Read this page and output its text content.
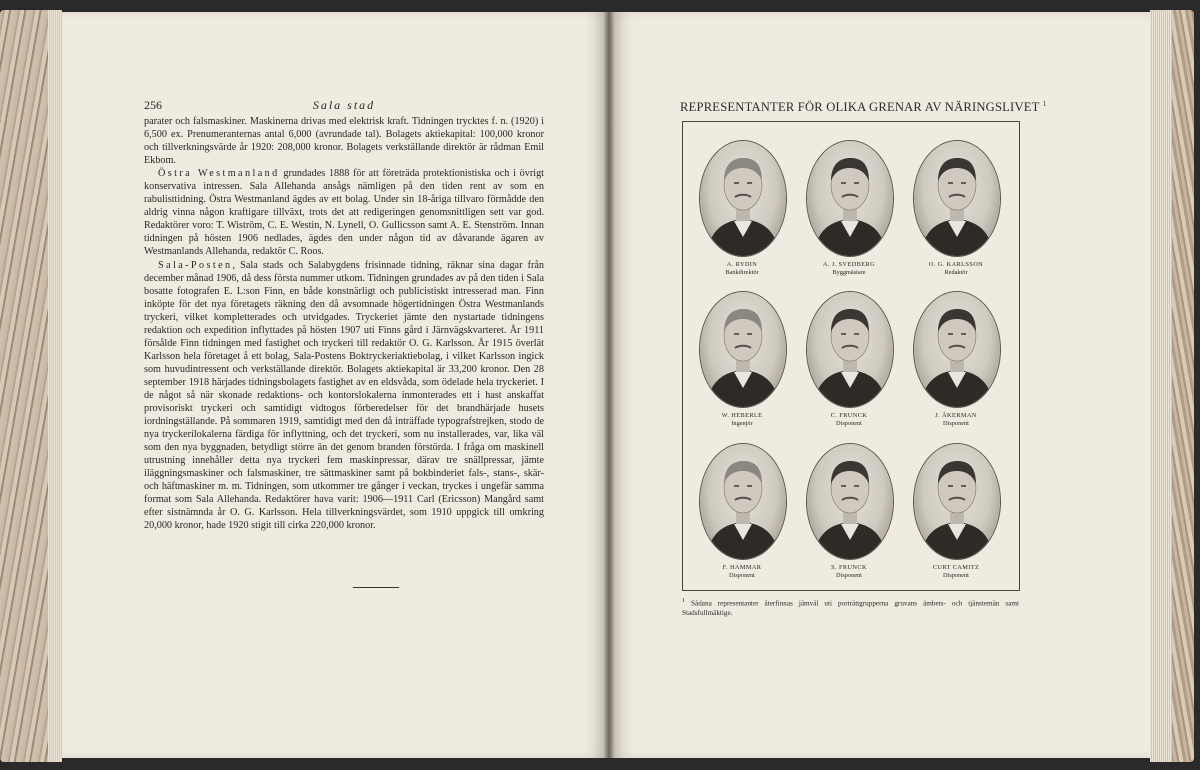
256	Sala stad

parater och falsmaskiner. Maskinerna drivas med elektrisk kraft. Tidningen trycktes f. n. (1920) i 6,500 ex. Prenumeranternas antal 6,000 (avrundade tal). Bolagets aktiekapital: 100,000 kronor och tillverkningsvärde år 1920: 208,000 kronor. Bolagets verkställande direktör är rådman Emil Ekbom.

Östra Westmanland grundades 1888 för att företräda protektionistiska och i övrigt konservativa intressen. Sala Allehanda ansågs nämligen på den tiden rent av som en rabulisttidning. Östra Westmanland ägdes av ett bolag. Under sin 18-åriga tillvaro förmådde den aldrig vinna någon kraftigare tillväxt, trots det att redigeringen genomsnittligen sett var god. Redaktörer voro: T. Wiström, C. E. Westin, N. Lynell, O. Gullicsson samt A. E. Stenström. Innan tidningen på hösten 1906 nedlades, ägdes den under någon tid av dåvarande ägaren av Westmanlands Allehanda, redaktör C. Roos.

Sala-Posten, Sala stads och Salabygdens frisinnade tidning, räknar sina dagar från december månad 1906, då dess första nummer utkom. Tidningen grundades av på den tiden i Sala bosatte fotografen E. L:son Finn, en både konstnärligt och publicistiskt intresserad man. Finn inköpte för det nya företagets räkning den då avsomnade högertidningen Östra Westmanlands tryckeri, vilket kompletterades och utvidgades. Tryckeriet jämte den nystartade tidningens redaktion och expedition inflyttades på hösten 1907 uti Finns gård i Järnvägskvarteret. År 1911 försålde Finn tidningen med fastighet och tryckeri till redaktör O. G. Karlsson. År 1915 överlät Karlsson hela företaget å ett bolag, Sala-Postens Boktryckeriaktiebolag, i vilket Karlsson ingick som huvudintressent och verkställande direktör. Bolagets aktiekapital är 33,200 kronor. Den 28 september 1918 härjades tidningsbolagets fastighet av en eldsvåda, som ödelade hela tryckeriet. I de något så när skonade redaktions- och kontorslokalerna inmonterades ett i hast anskaffat provisoriskt tryckeri och samtidigt vidtogos förberedelser för det brandhärjade husets iordningställande. På sommaren 1919, samtidigt med den då inträffade typografstrejken, stodo de nya tryckerilokalerna färdiga för inflyttning, och det tryckeri, som nu installerades, var, lika väl som den nya byggnaden, betydligt större än det genom branden förstörda. I fråga om maskinell utrustning innehåller detta nya tryckeri fem maskinpressar, därav tre snällpressar, jämte iläggningsmaskiner och falsmaskiner, tre sättmaskiner samt på bokbinderiet fals-, stans-, skär- och häftmaskiner m. m. Tidningen, som utkommer tre gånger i veckan, tryckes i ungefär samma format som Sala Allehanda. Redaktörer hava varit: 1906—1911 Carl (Ericsson) Mangård samt efter sistnämnda år O. G. Karlsson. Hela tillverkningsvärdet, som 1910 uppgick till omkring 20,000 kronor, hade 1920 stigit till cirka 220,000 kronor.

REPRESENTANTER FÖR OLIKA GRENAR AV NÄRINGSLIVET $^1$
A. RYDIN
Bankdirektör
A. J. SVEDBERG
Byggmästare
O. G. KARLSSON
Redaktör
W. HEBERLE
Ingenjör
C. FRUNCK
Disponent
J. ÅKERMAN
Disponent
F. HAMMAR
Disponent
S. FRUNCK
Disponent
CURT CAMITZ
Disponent
$^1$ Sådana representanter återfinnas jämväl uti porträttgrupperna gruvans ämbets- och tjänstemän samt Stadsfullmäktige.
